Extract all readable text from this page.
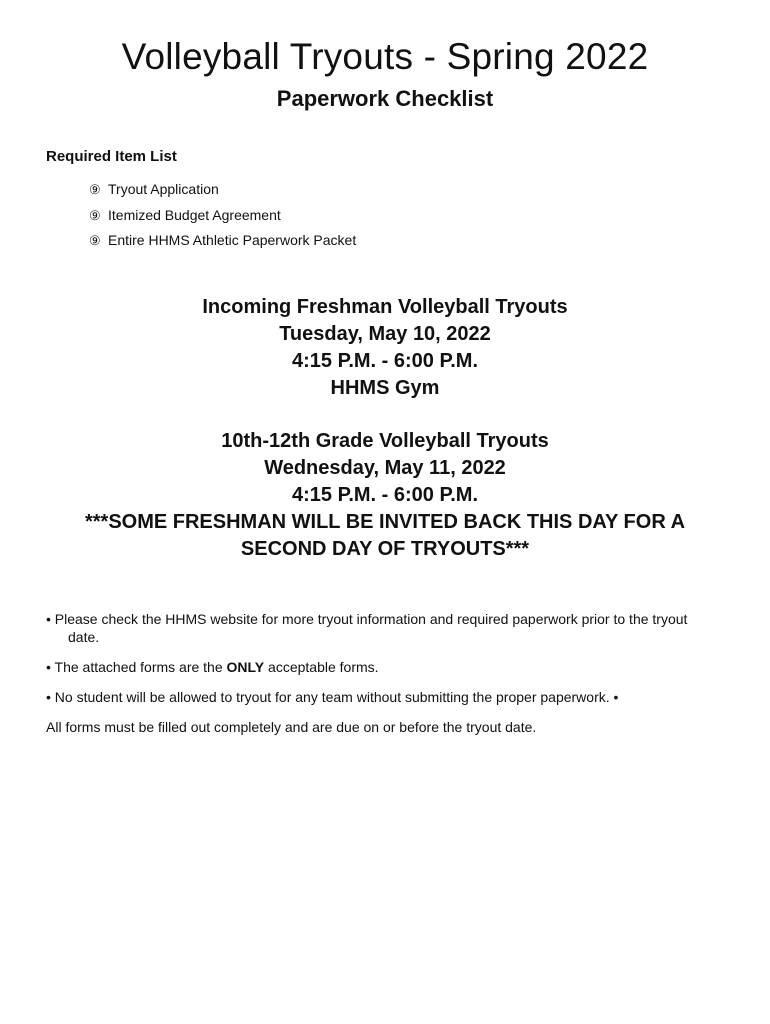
Volleyball Tryouts - Spring 2022
Paperwork Checklist
Required Item List
⑨ Tryout Application
⑨ Itemized Budget Agreement
⑨ Entire HHMS Athletic Paperwork Packet
Incoming Freshman Volleyball Tryouts
Tuesday, May 10, 2022
4:15 P.M. - 6:00 P.M.
HHMS Gym
10th-12th Grade Volleyball Tryouts
Wednesday, May 11, 2022
4:15 P.M. - 6:00 P.M.
***SOME FRESHMAN WILL BE INVITED BACK THIS DAY FOR A SECOND DAY OF TRYOUTS***

• Please check the HHMS website for more tryout information and required paperwork prior to the tryout date.

• The attached forms are the ONLY acceptable forms.

• No student will be allowed to tryout for any team without submitting the proper paperwork. •

All forms must be filled out completely and are due on or before the tryout date.
